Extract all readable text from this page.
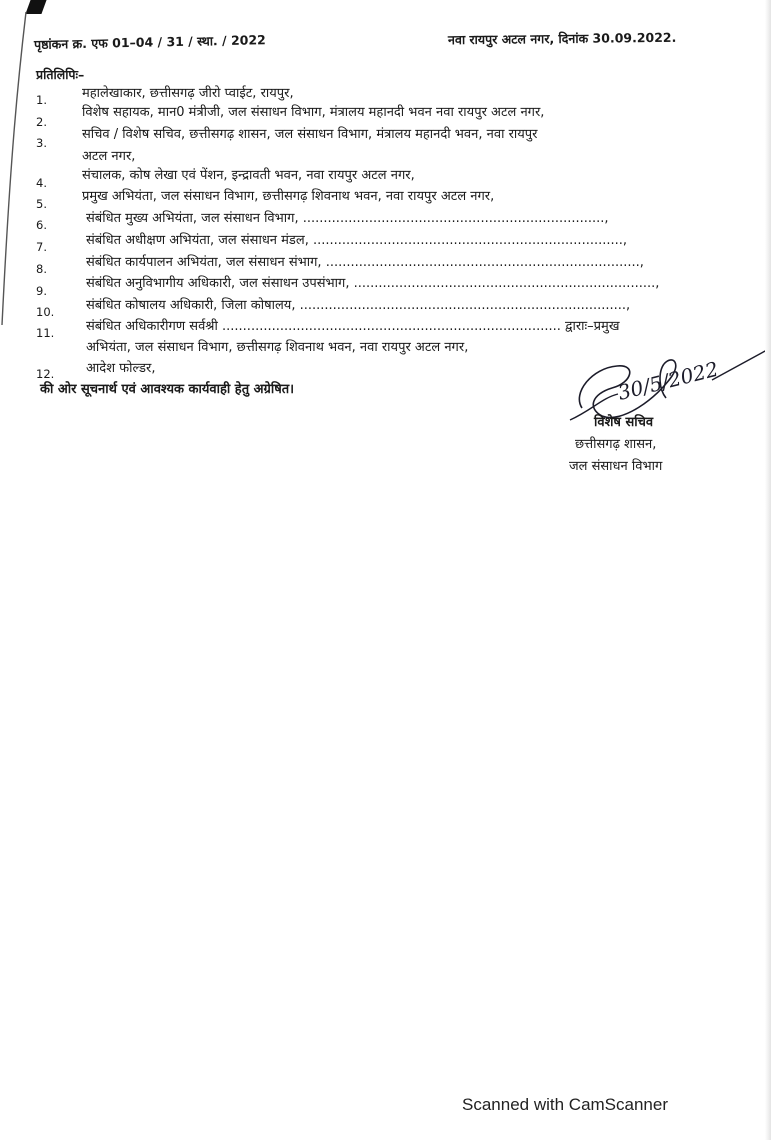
पृष्ठांकन क्र. एफ 01–04 / 31 / स्था. / 2022	नवा रायपुर अटल नगर, दिनांक 30.09.2022.
प्रतिलिपिः–
1.	महालेखाकार, छत्तीसगढ़ जीरो प्वाईट, रायपुर,
2.
विशेष सहायक, मान0 मंत्रीजी, जल संसाधन विभाग, मंत्रालय महानदी भवन नवा रायपुर अटल नगर,
3.
सचिव / विशेष सचिव, छत्तीसगढ़ शासन, जल संसाधन विभाग, मंत्रालय महानदी भवन, नवा रायपुर
अटल नगर,
4.	संचालक, कोष लेखा एवं पेंशन, इन्द्रावती भवन, नवा रायपुर अटल नगर,
5.	प्रमुख अभियंता, जल संसाधन विभाग, छत्तीसगढ़ शिवनाथ भवन, नवा रायपुर अटल नगर,
6.	संबंधित मुख्य अभियंता, जल संसाधन विभाग, .........................................................................,
7.	संबंधित अधीक्षण अभियंता, जल संसाधन मंडल, ...........................................................................,
8.	संबंधित कार्यपालन अभियंता, जल संसाधन संभाग, ............................................................................,
9.	संबंधित अनुविभागीय अधिकारी, जल संसाधन उपसंभाग, .........................................................................,
10. संबंधित कोषालय अधिकारी, जिला कोषालय, ...............................................................................,
11. संबंधित अधिकारीगण सर्वश्री .................................................................................. द्वाराः–प्रमुख
अभियंता, जल संसाधन विभाग, छत्तीसगढ़ शिवनाथ भवन, नवा रायपुर अटल नगर,
12. आदेश फोल्डर,
की ओर सूचनार्थ एवं आवश्यक कार्यवाही हेतु अग्रेषित।	30/5/2022
विशेष सचिव
छत्तीसगढ़ शासन,
जल संसाधन विभाग
Scanned with CamScanner
